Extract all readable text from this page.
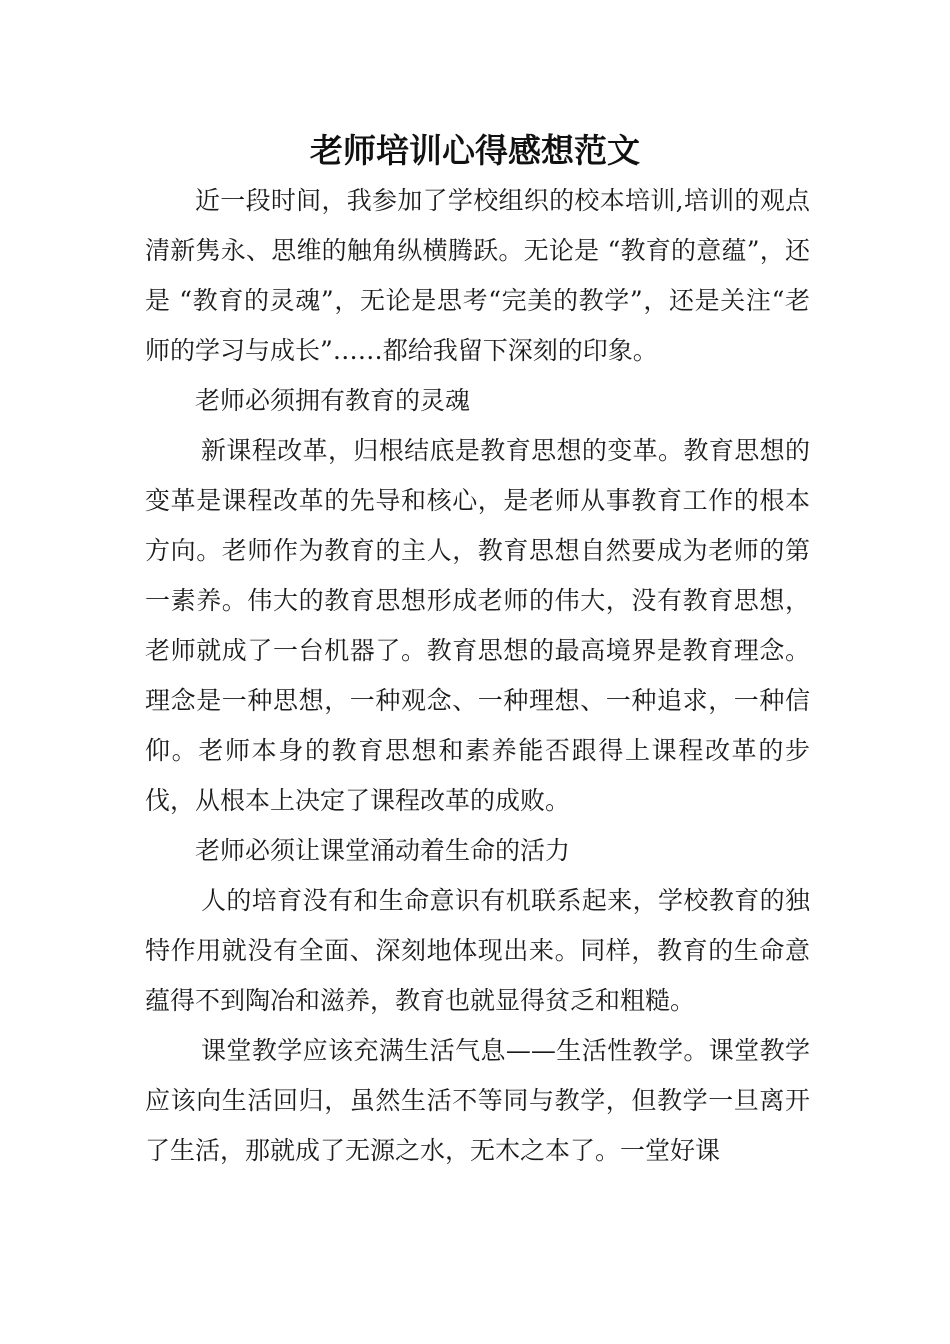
老师培训心得感想范文

近一段时间，我参加了学校组织的校本培训,培训的观点清新隽永、思维的触角纵横腾跃。无论是 “教育的意蕴”，还是 “教育的灵魂”，无论是思考“完美的教学”，还是关注“老师的学习与成长”……都给我留下深刻的印象。

老师必须拥有教育的灵魂

新课程改革，归根结底是教育思想的变革。教育思想的变革是课程改革的先导和核心，是老师从事教育工作的根本方向。老师作为教育的主人，教育思想自然要成为老师的第一素养。伟大的教育思想形成老师的伟大，没有教育思想，老师就成了一台机器了。教育思想的最高境界是教育理念。理念是一种思想，一种观念、一种理想、一种追求，一种信仰。老师本身的教育思想和素养能否跟得上课程改革的步伐，从根本上决定了课程改革的成败。

老师必须让课堂涌动着生命的活力

人的培育没有和生命意识有机联系起来，学校教育的独特作用就没有全面、深刻地体现出来。同样，教育的生命意蕴得不到陶冶和滋养，教育也就显得贫乏和粗糙。

课堂教学应该充满生活气息——生活性教学。课堂教学应该向生活回归，虽然生活不等同与教学，但教学一旦离开了生活，那就成了无源之水，无木之本了。一堂好课
